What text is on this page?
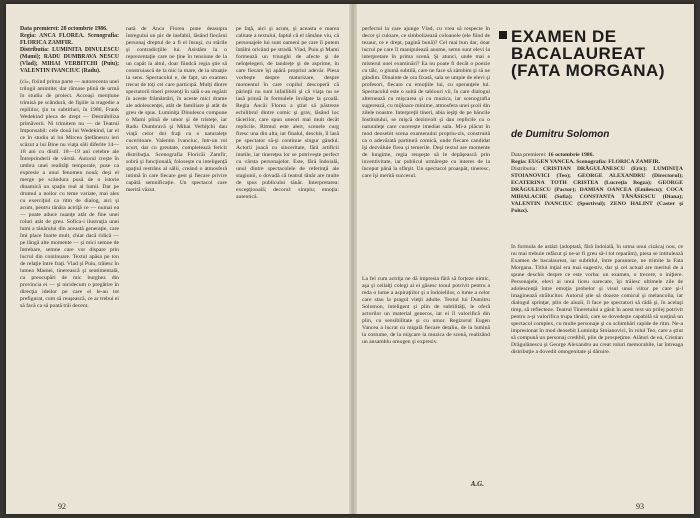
Data premierei: 28 octombrie 1986.
Regia: ANCA FLOREA. Scenografia: FLORICA ZAMFIR.
Distributia: LUMINITA DINULESCU (Mami); RADU DUMBRAVA NESCU (Vlad); MIHAI VERBITCHI (Puiu); VALENTIN IVANCIUC (Radu).

(ci«, fixind prima parte — autorecenta unei trilogii amintite; dar rămase plină de urmă în studiu de proiect. Acceaşi menţiune trimisă pe scândură, de fişiile ia tragedie a repliilor, ţin tu subtitluri, în 1986, Frank Wedekind pleca de drept — Destrăbiliza primăverii. Ni trimitem nu — de Teatrul Imponsabil: cele două lui Wedekind, iar el ce în studiu al lui Mircea Ştefănescu ieri scăzut a lui Bine nu viaţa săli diferite 14—18 ani cu distil. 18—19 ani celebre ale Întreprinderii de vârstă. Autorul creşte în umbra unei realităţi temporale, puse ca expresie a unui fenomen nouă; deşi el merge pe scândura pusă de o istorie dinamică un spaţiu real al lumii. Dar pe drumul a noilor cu teme variate, mai ales cu exerciţiul ca ritm de dialog, aici şi acum, pentru tânăra actriţă ce — numai ea — poate aduce nuanţe atât de fine unei roluri atât de greu. Sofica-i ilustraţia unei lumi a tânărului din această generaţie, care îmi place foarte mult, chiar dacă ridică — pe lângă alte momente — şi mici semne de întrebare, semne care vor dispare prin lucrul din continuare. Textul apăsa pe ton de relaţie între fraţi. Vlad şi Puiu, trăiesc în lumea Mamei, tinerească şi sentimentală, cu preocupări de mic burghez din provincia ei — şi nicidecum o pregătire în direcţia ideilor pe care ei le-au tot prefigurat, cum să reuşească, ce ar trebui ei să facă ca să poată trăi decent.

nată de Anca Florea pune deasupra întregului un pic de inefabil, lăsând fiecărui personaj dreptul de a fi el însuşi, cu stările şi contradicţiile lui. Asistăm la o reprezentaţie care ne ţine în tensiune de la un capăt la altul, doar fiindcă regia ştie să construiască de la mic la mare, de la situaţie la sens. Spectacolul e, de fapt, un examen trecut de toţi cei care participă. Mulţi dintre spectatorii tineri prezenţi în sală s-au regăsit în aceste frământări, în aceste mici drame ale adolescenţei, atât de familiare şi atât de greu de spus. Luminiţa Dinulescu compune o Mami plină de umor şi de tristeţe, iar Radu Dumbravă şi Mihai Verbiţchi dau viaţă celor doi fraţi cu o naturaleţe cuceritoare. Valentin Ivanciuc, într-un rol scurt, dar cu greutate, completează fericit distribuţia. Scenografia Floricăi Zamfir, sobră şi funcţională, foloseşte cu inteligenţă spaţiul restrâns al sălii, creând o atmosferă intimă în care fiecare gest şi fiecare privire capătă semnificaţie. Un spectacol care merită văzut.

pe faţă, aici şi acum, şi aceasta e marea calitate a textului, faptul că el rămâne viu, că personajele lui sunt oameni pe care îi putem întâlni oricând pe stradă. Vlad, Puiu şi Mami formează un triunghi de afecte şi de neînţelegeri, de tandreţe şi de asprime, în care fiecare îşi apără propriul adevăr. Piesa vorbeşte despre maturizare, despre momentul în care copilul descoperă că părinţii nu sunt infailibili şi că viaţa nu se lasă prinsă în formulele învăţate la şcoală. Regia Ancăi Florea a ştiut să păstreze echilibrul dintre comic şi grav, lăsând loc tăcerilor, care spun uneori mai mult decât replicile. Ritmul este alert, scenele curg firesc una din alta, iar finalul, deschis, îl lasă pe spectator să-şi continue singur gândul. Actorii joacă cu sinceritate, fără artificii inutile, iar tinereţea lor se potriveşte perfect cu vârsta personajelor. Este, fără îndoială, unul dintre spectacolele de referinţă ale stagiunii, o dovadă că teatrul tânăr are multe de spus publicului tânăr. Interpretarea: excepţională; decorul: simplu; emoţia: autentică.

92

perfectul la care ajunge Vlad, cu vrea să respecte în decor şi culoare, ce simbolizează coloanele (ele fiind de tezaur, ce e drept, pagină bună)? Cel mai bun dar, doar lucrul pe care îl manipulează anume, semn sunt elevi la interpretare în prima scenă. Şi atunci, unde mai e misterul unei examinări? Ea nu poate fi decât o poezie cu tâlc, o glumă subtilă, care ne face să zâmbim şi să ne gândim. Dinainte de ora fixată, sala se umple de elevi şi profesori, fiecare cu emoţiile lui, cu speranţele lui. Spectacolul este o suită de tablouri vii, în care dialogul alternează cu mişcarea şi cu muzica, iar scenografia sugerează, cu mijloace minime, atmosfera unei şcoli din zilele noastre. Interpreţii tineri, abia ieşiţi de pe băncile Institutului, se mişcă dezinvolt şi dau replicile cu o naturaleţe care cucereşte imediat sala. Mi-a plăcut în mod deosebit scena examenului propriu-zis, construită ca o adevărată partitură comică, unde fiecare candidat îşi dezvăluie firea şi temerile. Deşi textul are momente de lungime, regia reuşeşte să le depăşească prin inventivitate, iar publicul urmăreşte cu interes de la început până la sfârşit. Un spectacol proaspăt, tineresc, care îşi merită succesul.

La fel cum actriţa ne dă impresia fără să forţeze nimic, aşa şi ceilalţi colegi ai ei găsesc tonul potrivit pentru a reda o lume a aspiraţiilor şi a îndoielilor, o lume a celor care stau la pragul vieţii adulte. Textul lui Dumitru Solomon, inteligent şi plin de subtilităţi, le oferă actorilor un material generos, iar ei îl valorifică din plin, cu sensibilitate şi cu umor. Regizorul Eugen Vancea a lucrat cu migală fiecare detaliu, de la lumină la costume, de la mişcare la muzica de scenă, realizând un ansamblu omogen şi expresiv.

A.G.
EXAMEN DE
BACALAUREAT
(FATA MORGANA)
de Dumitru Solomon

Data premierei: 16 octombrie 1986.

Regia: EUGEN VANCEA. Scenografia: FLORICA ZAMFIR.

Distributia: CRISTIAN DRĂGULĂNESCU (Eric); LUMINIŢA STOIANOVICI (Teo); GEORGE ALEXANDRU (Directorul); ECATERINA TOTH CRISTEA (Lucreţia Bogza); GEORGE DRĂGULESCU (Pactor); DAMIAN OANCEA (Emilescu); COCA MIHALACHE (Sofia); CONSTANTA TĂNĂSESCU (Diana); VALENTIN IVANCIUC (Sportivul); ZENO HALINT (Caster şi Polux).

În formula de astăzi (adoptată, fără îndoială, în urma unui cizăcaj nou, ce nu mai trebuie refăcut şi ne-ar fi greu să-l tot reparăm), piesa se intitulează Examen de bacalaureat, iar subtitlul, între paranteze, ne trimite la Fata Morgana. Titlul inţial era mai sugestiv, dar şi cel actual are meritul de a spune deschis despre ce este vorba: un examen, o trecere, o iniţiere. Personajele, elevi ai unui liceu oarecare, îşi trăiesc ultimele zile de adolescenţă între emoţia probelor şi visul unui viitor pe care şi-l imaginează strălucitor. Autorul ştie să dozeze comicul şi melancolia, iar dialogul sprinţar, plin de aluzii, îi face pe spectatori să râdă şi, în acelaşi timp, să reflecteze. Teatrul Tineretului a găsit în acest text un prilej potrivit pentru a-şi valorifica trupa tânără, care se dovedeşte capabilă să susţină un spectacol complex, cu multe personaje şi cu schimbări rapide de ritm. Ne-a impresionat în mod deosebit Luminiţa Stoianovici, în rolul Teo, care a ştiut să compună un personaj credibil, plin de prospeţime. Alături de ea, Cristian Drăgulănescu şi George Alexandru au creat roluri memorabile, iar întreaga distribuţie a dovedit omogenitate şi dăruire.

93
